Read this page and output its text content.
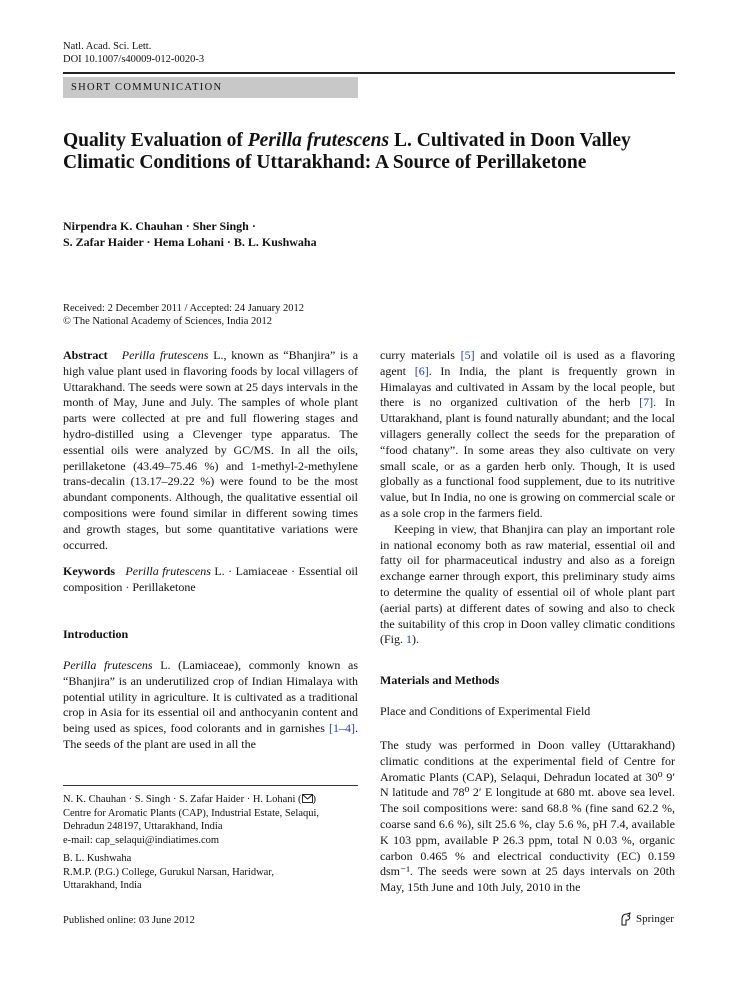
Natl. Acad. Sci. Lett.
DOI 10.1007/s40009-012-0020-3
SHORT COMMUNICATION
Quality Evaluation of Perilla frutescens L. Cultivated in Doon Valley Climatic Conditions of Uttarakhand: A Source of Perillaketone
Nirpendra K. Chauhan · Sher Singh ·
S. Zafar Haider · Hema Lohani · B. L. Kushwaha
Received: 2 December 2011 / Accepted: 24 January 2012
© The National Academy of Sciences, India 2012

Abstract Perilla frutescens L., known as “Bhanjira” is a high value plant used in flavoring foods by local villagers of Uttarakhand. The seeds were sown at 25 days intervals in the month of May, June and July. The samples of whole plant parts were collected at pre and full flowering stages and hydro-distilled using a Clevenger type apparatus. The essential oils were analyzed by GC/MS. In all the oils, perillaketone (43.49–75.46 %) and 1-methyl-2-methylene trans-decalin (13.17–29.22 %) were found to be the most abundant components. Although, the qualitative essential oil compositions were found similar in different sowing times and growth stages, but some quantitative variations were occurred.

Keywords Perilla frutescens L. · Lamiaceae · Essential oil composition · Perillaketone

Introduction

Perilla frutescens L. (Lamiaceae), commonly known as “Bhanjira” is an underutilized crop of Indian Himalaya with potential utility in agriculture. It is cultivated as a traditional crop in Asia for its essential oil and anthocyanin content and being used as spices, food colorants and in garnishes [1–4]. The seeds of the plant are used in all the

N. K. Chauhan · S. Singh · S. Zafar Haider · H. Lohani ( )
Centre for Aromatic Plants (CAP), Industrial Estate, Selaqui,
Dehradun 248197, Uttarakhand, India
e-mail: cap_selaqui@indiatimes.com
B. L. Kushwaha
R.M.P. (P.G.) College, Gurukul Narsan, Haridwar,
Uttarakhand, India

curry materials [5] and volatile oil is used as a flavoring agent [6]. In India, the plant is frequently grown in Himalayas and cultivated in Assam by the local people, but there is no organized cultivation of the herb [7]. In Uttarakhand, plant is found naturally abundant; and the local villagers generally collect the seeds for the preparation of “food chatany”. In some areas they also cultivate on very small scale, or as a garden herb only. Though, It is used globally as a functional food supplement, due to its nutritive value, but In India, no one is growing on commercial scale or as a sole crop in the farmers field.

Keeping in view, that Bhanjira can play an important role in national economy both as raw material, essential oil and fatty oil for pharmaceutical industry and also as a foreign exchange earner through export, this preliminary study aims to determine the quality of essential oil of whole plant part (aerial parts) at different dates of sowing and also to check the suitability of this crop in Doon valley climatic conditions (Fig. 1).

Materials and Methods
Place and Conditions of Experimental Field

The study was performed in Doon valley (Uttarakhand) climatic conditions at the experimental field of Centre for Aromatic Plants (CAP), Selaqui, Dehradun located at 30⁰ 9′ N latitude and 78⁰ 2′ E longitude at 680 mt. above sea level. The soil compositions were: sand 68.8 % (fine sand 62.2 %, coarse sand 6.6 %), silt 25.6 %, clay 5.6 %, pH 7.4, available K 103 ppm, available P 26.3 ppm, total N 0.03 %, organic carbon 0.465 % and electrical conductivity (EC) 0.159 dsm⁻¹. The seeds were sown at 25 days intervals on 20th May, 15th June and 10th July, 2010 in the

Published online: 03 June 2012	Springer
